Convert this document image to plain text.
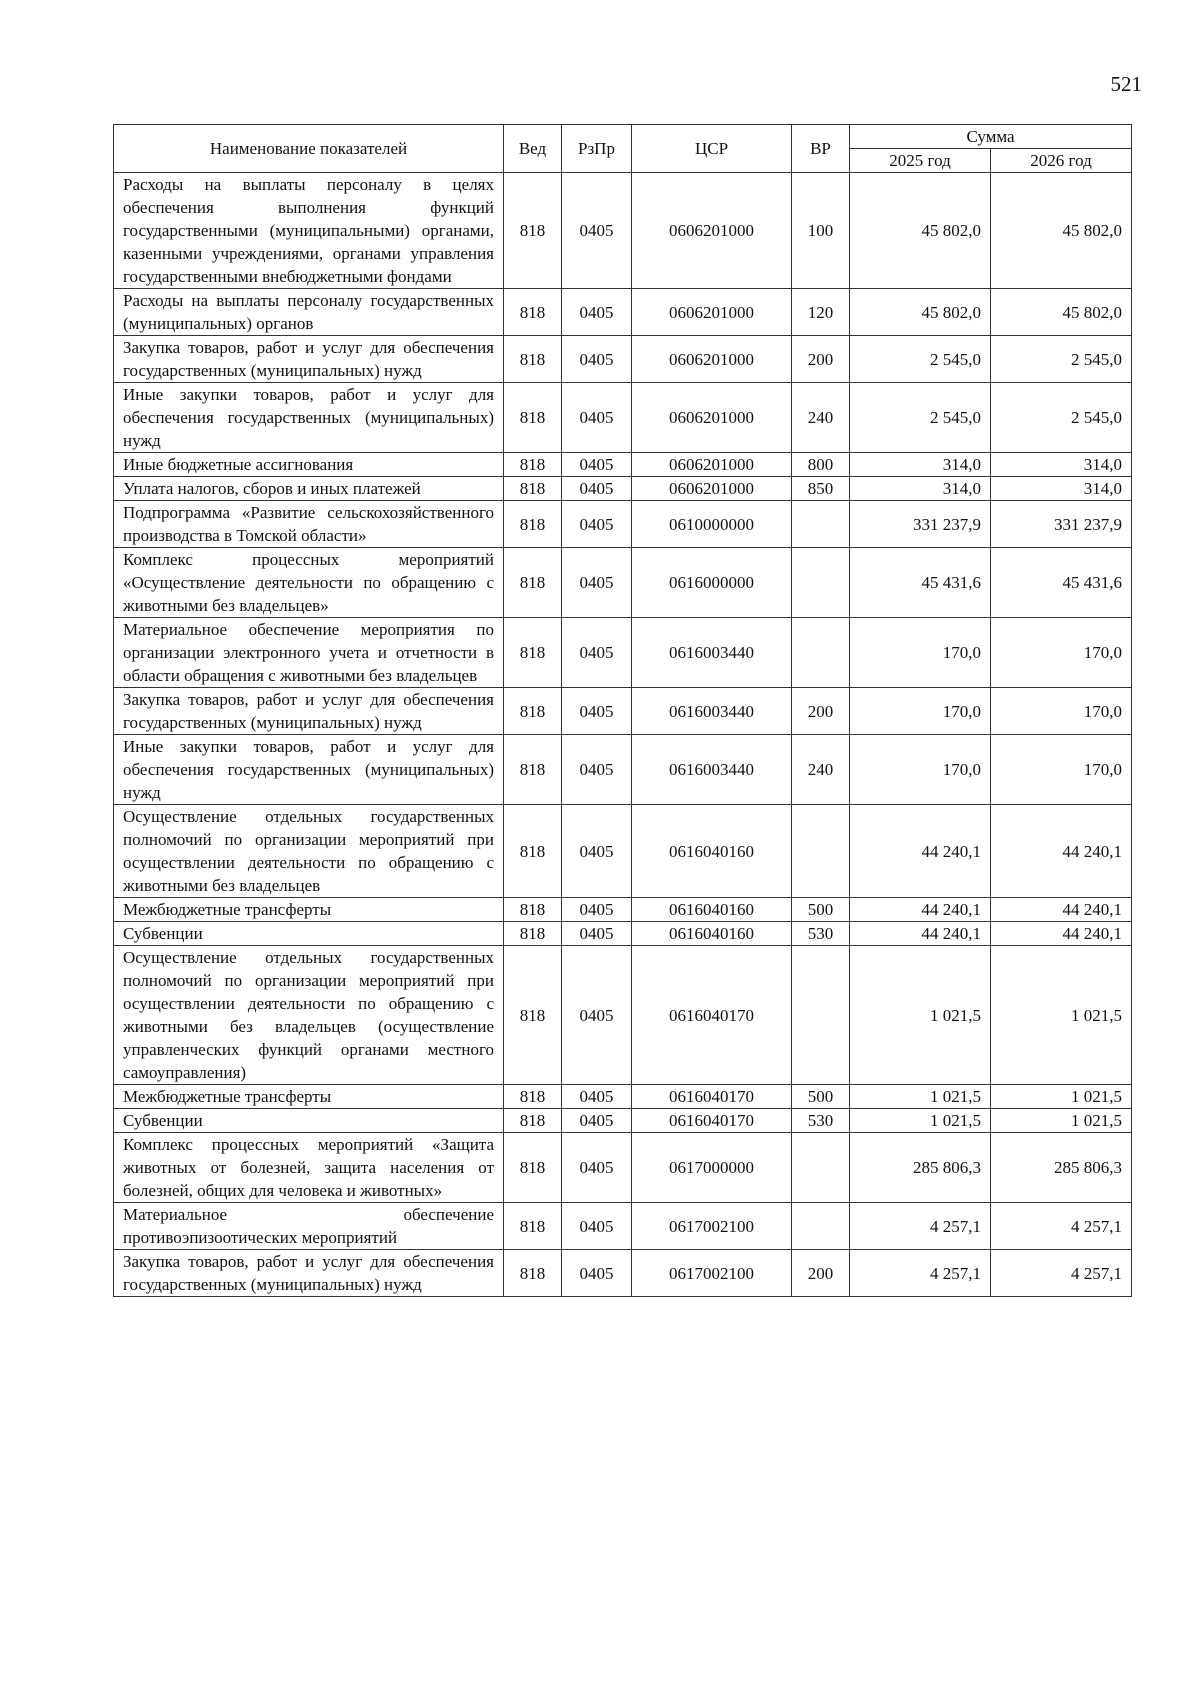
521
Наименование показателей	Вед	РзПр	ЦСР	ВР	Сумма	
					2025 год	2026 год
Расходы на выплаты персоналу в целях обеспечения выполнения функций государственными (муниципальными) органами, казенными учреждениями, органами управления государственными внебюджетными фондами	818	0405	0606201000	100	45 802,0	45 802,0
Расходы на выплаты персоналу государственных (муниципальных) органов	818	0405	0606201000	120	45 802,0	45 802,0
Закупка товаров, работ и услуг для обеспечения государственных (муниципальных) нужд	818	0405	0606201000	200	2 545,0	2 545,0
Иные закупки товаров, работ и услуг для обеспечения государственных (муниципальных) нужд	818	0405	0606201000	240	2 545,0	2 545,0
Иные бюджетные ассигнования	818	0405	0606201000	800	314,0	314,0
Уплата налогов, сборов и иных платежей	818	0405	0606201000	850	314,0	314,0
Подпрограмма «Развитие сельскохозяйственного производства в Томской области»	818	0405	0610000000		331 237,9	331 237,9
Комплекс процессных мероприятий «Осуществление деятельности по обращению с животными без владельцев»	818	0405	0616000000		45 431,6	45 431,6
Материальное обеспечение мероприятия по организации электронного учета и отчетности в области обращения с животными без владельцев	818	0405	0616003440		170,0	170,0
Закупка товаров, работ и услуг для обеспечения государственных (муниципальных) нужд	818	0405	0616003440	200	170,0	170,0
Иные закупки товаров, работ и услуг для обеспечения государственных (муниципальных) нужд	818	0405	0616003440	240	170,0	170,0
Осуществление отдельных государственных полномочий по организации мероприятий при осуществлении деятельности по обращению с животными без владельцев	818	0405	0616040160		44 240,1	44 240,1
Межбюджетные трансферты	818	0405	0616040160	500	44 240,1	44 240,1
Субвенции	818	0405	0616040160	530	44 240,1	44 240,1
Осуществление отдельных государственных полномочий по организации мероприятий при осуществлении деятельности по обращению с животными без владельцев (осуществление управленческих функций органами местного самоуправления)	818	0405	0616040170		1 021,5	1 021,5
Межбюджетные трансферты	818	0405	0616040170	500	1 021,5	1 021,5
Субвенции	818	0405	0616040170	530	1 021,5	1 021,5
Комплекс процессных мероприятий «Защита животных от болезней, защита населения от болезней, общих для человека и животных»	818	0405	0617000000		285 806,3	285 806,3
Материальное обеспечение противоэпизоотических мероприятий	818	0405	0617002100		4 257,1	4 257,1
Закупка товаров, работ и услуг для обеспечения государственных (муниципальных) нужд	818	0405	0617002100	200	4 257,1	4 257,1
